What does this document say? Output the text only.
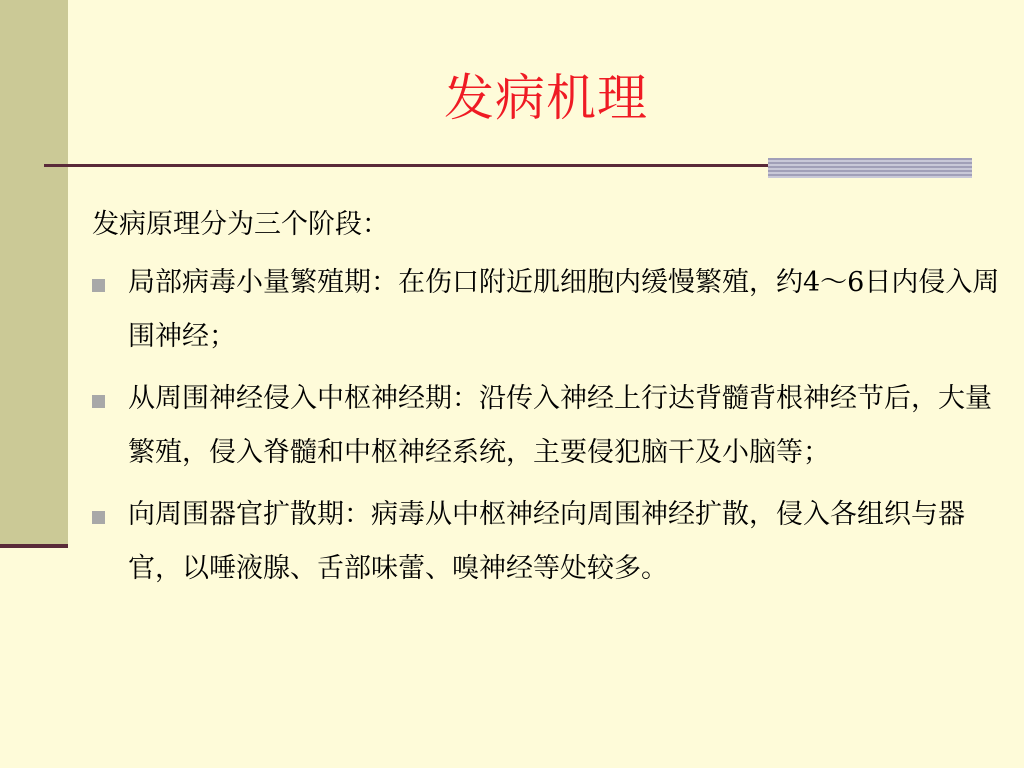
发病机理

发病原理分为三个阶段：

局部病毒小量繁殖期：在伤口附近肌细胞内缓慢繁殖，约4～6日内侵入周围神经；
从周围神经侵入中枢神经期：沿传入神经上行达背髓背根神经节后，大量繁殖，侵入脊髓和中枢神经系统，主要侵犯脑干及小脑等；
向周围器官扩散期：病毒从中枢神经向周围神经扩散，侵入各组织与器官，以唾液腺、舌部味蕾、嗅神经等处较多。
